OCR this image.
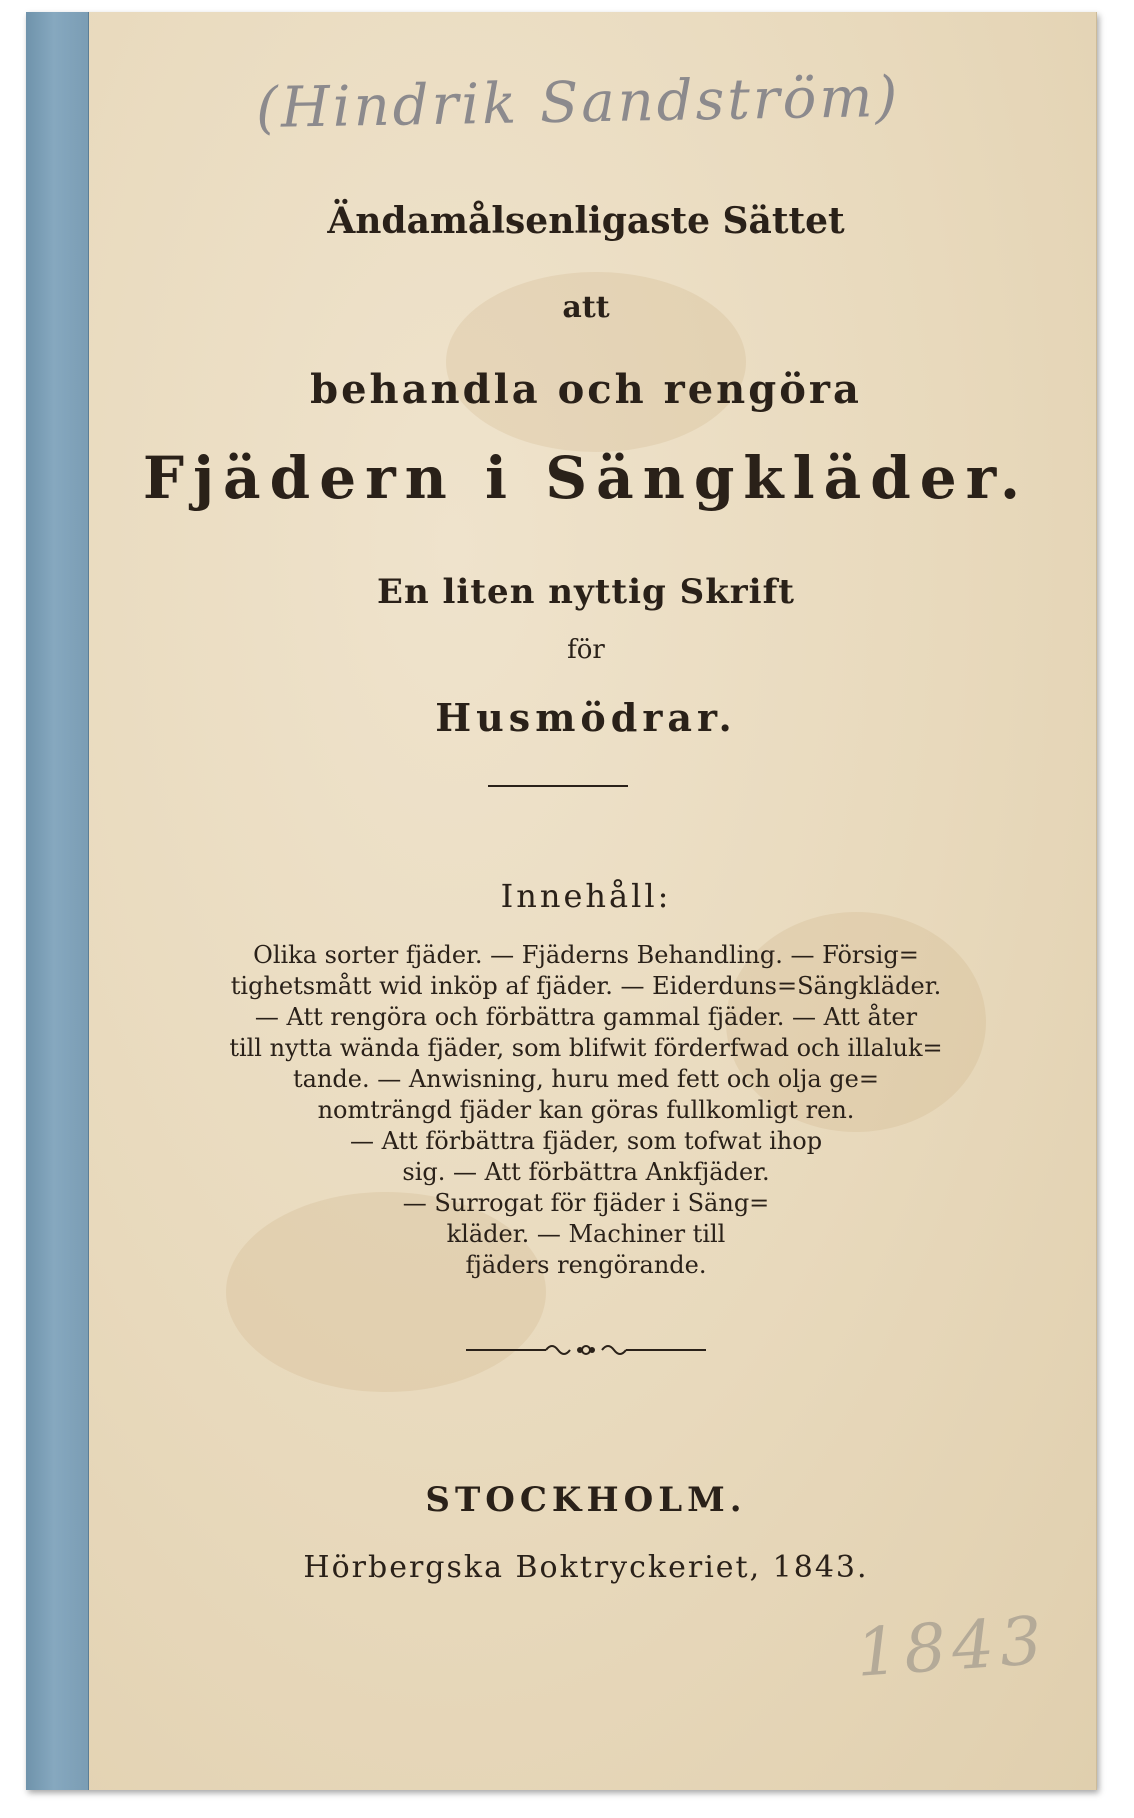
(Hindrik Sandström)
1843
Ändamålsenligaste Sättet
att
behandla och rengöra
Fjädern i Sängkläder.
En liten nyttig Skrift
för
Husmödrar.
Innehåll:
Olika sorter fjäder. — Fjäderns Behandling. — Försig=
tighetsmått wid inköp af fjäder. — Eiderduns=Sängkläder.
— Att rengöra och förbättra gammal fjäder. — Att åter
till nytta wända fjäder, som blifwit förderfwad och illaluk=
tande. — Anwisning, huru med fett och olja ge=
nomträngd fjäder kan göras fullkomligt ren.
— Att förbättra fjäder, som tofwat ihop
sig. — Att förbättra Ankfjäder.
— Surrogat för fjäder i Säng=
kläder. — Machiner till
fjäders rengörande.
STOCKHOLM.
Hörbergska Boktryckeriet, 1843.
